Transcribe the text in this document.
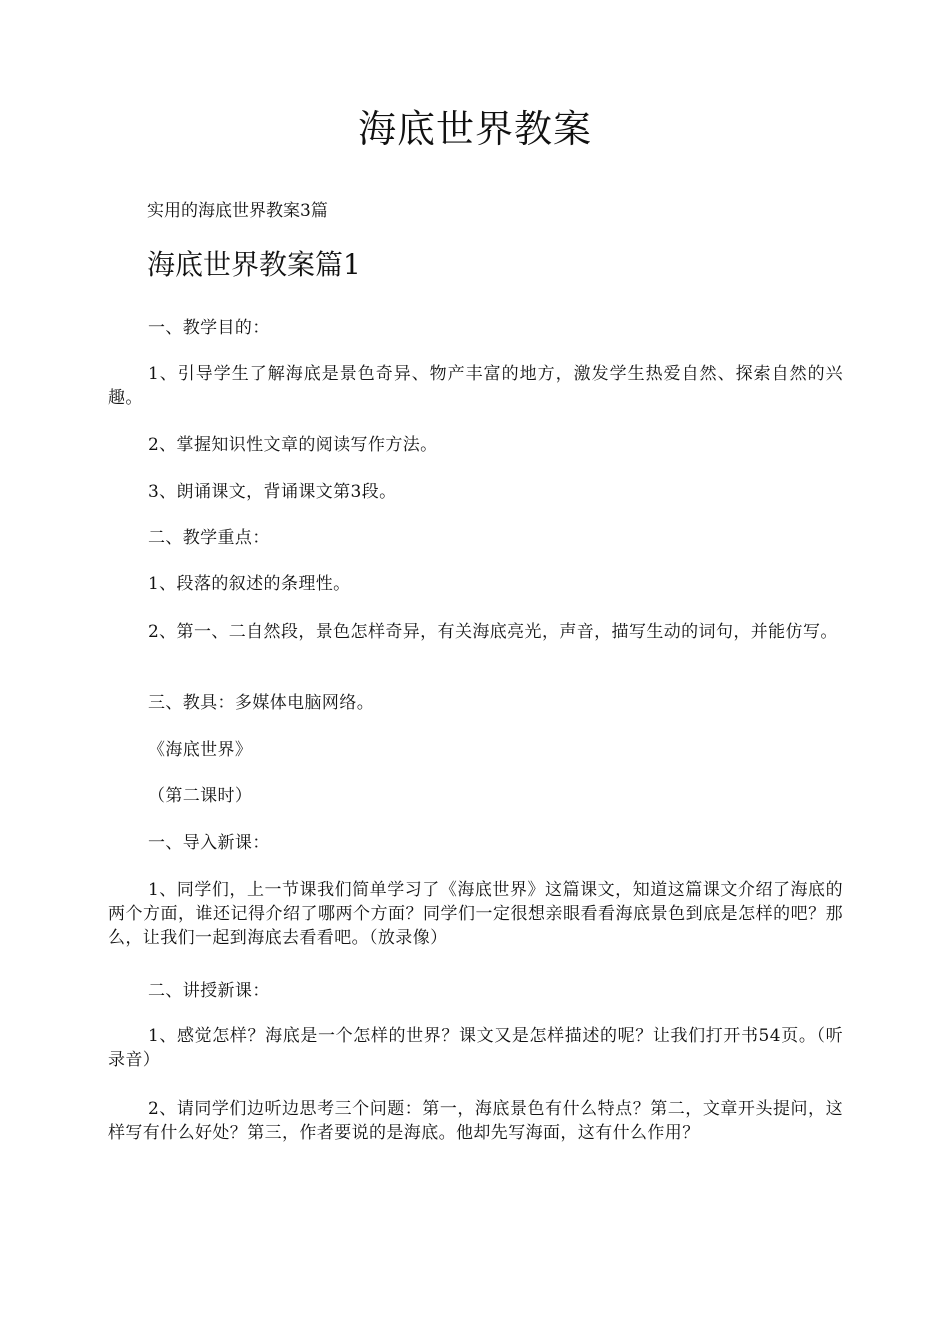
海底世界教案
实用的海底世界教案3篇
海底世界教案篇1

一、教学目的：

1、引导学生了解海底是景色奇异、物产丰富的地方，激发学生热爱自然、探索自然的兴趣。

2、掌握知识性文章的阅读写作方法。

3、朗诵课文，背诵课文第3段。

二、教学重点：

1、段落的叙述的条理性。

2、第一、二自然段，景色怎样奇异，有关海底亮光，声音，描写生动的词句，并能仿写。

三、教具：多媒体电脑网络。

《海底世界》

（第二课时）

一、导入新课：

1、同学们，上一节课我们简单学习了《海底世界》这篇课文，知道这篇课文介绍了海底的两个方面，谁还记得介绍了哪两个方面？同学们一定很想亲眼看看海底景色到底是怎样的吧？那么，让我们一起到海底去看看吧。（放录像）

二、讲授新课：

1、感觉怎样？海底是一个怎样的世界？课文又是怎样描述的呢？让我们打开书54页。（听录音）

2、请同学们边听边思考三个问题：第一，海底景色有什么特点？第二，文章开头提问，这样写有什么好处？第三，作者要说的是海底。他却先写海面，这有什么作用？
